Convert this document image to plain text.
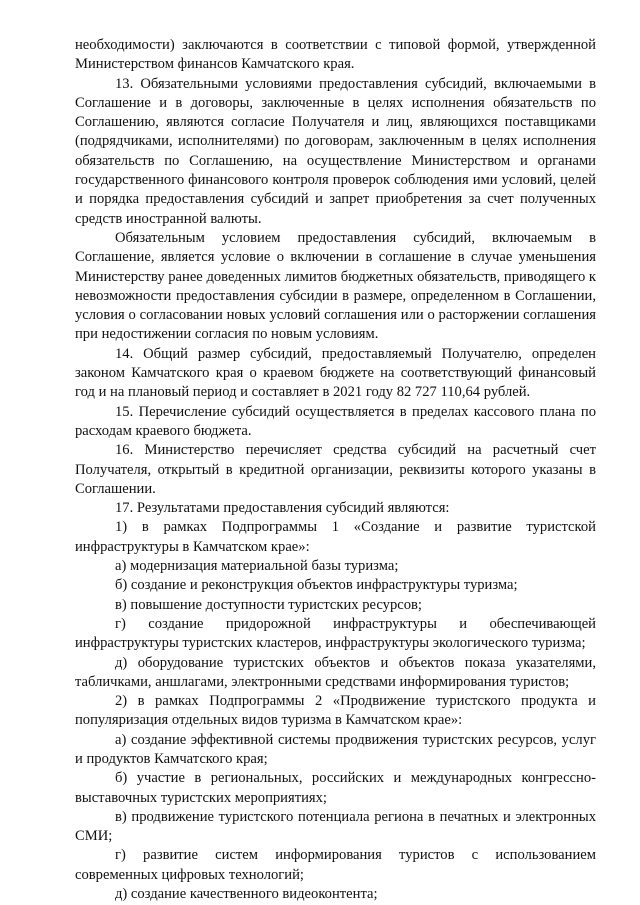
необходимости) заключаются в соответствии с типовой формой, утвержденной Министерством финансов Камчатского края.

13. Обязательными условиями предоставления субсидий, включаемыми в Соглашение и в договоры, заключенные в целях исполнения обязательств по Соглашению, являются согласие Получателя и лиц, являющихся поставщиками (подрядчиками, исполнителями) по договорам, заключенным в целях исполнения обязательств по Соглашению, на осуществление Министерством и органами государственного финансового контроля проверок соблюдения ими условий, целей и порядка предоставления субсидий и запрет приобретения за счет полученных средств иностранной валюты.

Обязательным условием предоставления субсидий, включаемым в Соглашение, является условие о включении в соглашение в случае уменьшения Министерству ранее доведенных лимитов бюджетных обязательств, приводящего к невозможности предоставления субсидии в размере, определенном в Соглашении, условия о согласовании новых условий соглашения или о расторжении соглашения при недостижении согласия по новым условиям.

14. Общий размер субсидий, предоставляемый Получателю, определен законом Камчатского края о краевом бюджете на соответствующий финансовый год и на плановый период и составляет в 2021 году 82 727 110,64 рублей.

15. Перечисление субсидий осуществляется в пределах кассового плана по расходам краевого бюджета.

16. Министерство перечисляет средства субсидий на расчетный счет Получателя, открытый в кредитной организации, реквизиты которого указаны в Соглашении.

17. Результатами предоставления субсидий являются:

1) в рамках Подпрограммы 1 «Создание и развитие туристской инфраструктуры в Камчатском крае»:

а) модернизация материальной базы туризма;

б) создание и реконструкция объектов инфраструктуры туризма;

в) повышение доступности туристских ресурсов;

г) создание придорожной инфраструктуры и обеспечивающей инфраструктуры туристских кластеров, инфраструктуры экологического туризма;

д) оборудование туристских объектов и объектов показа указателями, табличками, аншлагами, электронными средствами информирования туристов;

2) в рамках Подпрограммы 2 «Продвижение туристского продукта и популяризация отдельных видов туризма в Камчатском крае»:

а) создание эффективной системы продвижения туристских ресурсов, услуг и продуктов Камчатского края;

б) участие в региональных, российских и международных конгрессно-выставочных туристских мероприятиях;

в) продвижение туристского потенциала региона в печатных и электронных СМИ;

г) развитие систем информирования туристов с использованием современных цифровых технологий;

д) создание качественного видеоконтента;
